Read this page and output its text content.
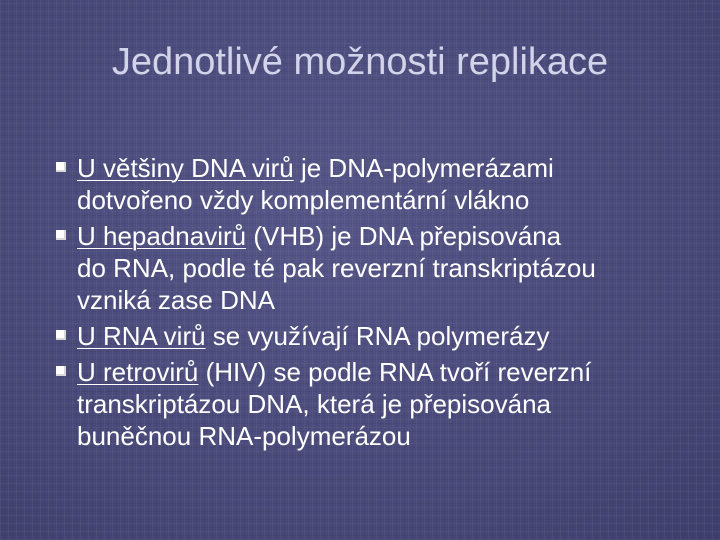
Jednotlivé možnosti replikace
U většiny DNA virů je DNA-polymerázami
dotvořeno vždy komplementární vlákno
U hepadnavirů (VHB) je DNA přepisována
do RNA, podle té pak reverzní transkriptázou
vzniká zase DNA
U RNA virů se využívají RNA polymerázy
U retrovirů (HIV) se podle RNA tvoří reverzní
transkriptázou DNA, která je přepisována
buněčnou RNA-polymerázou
